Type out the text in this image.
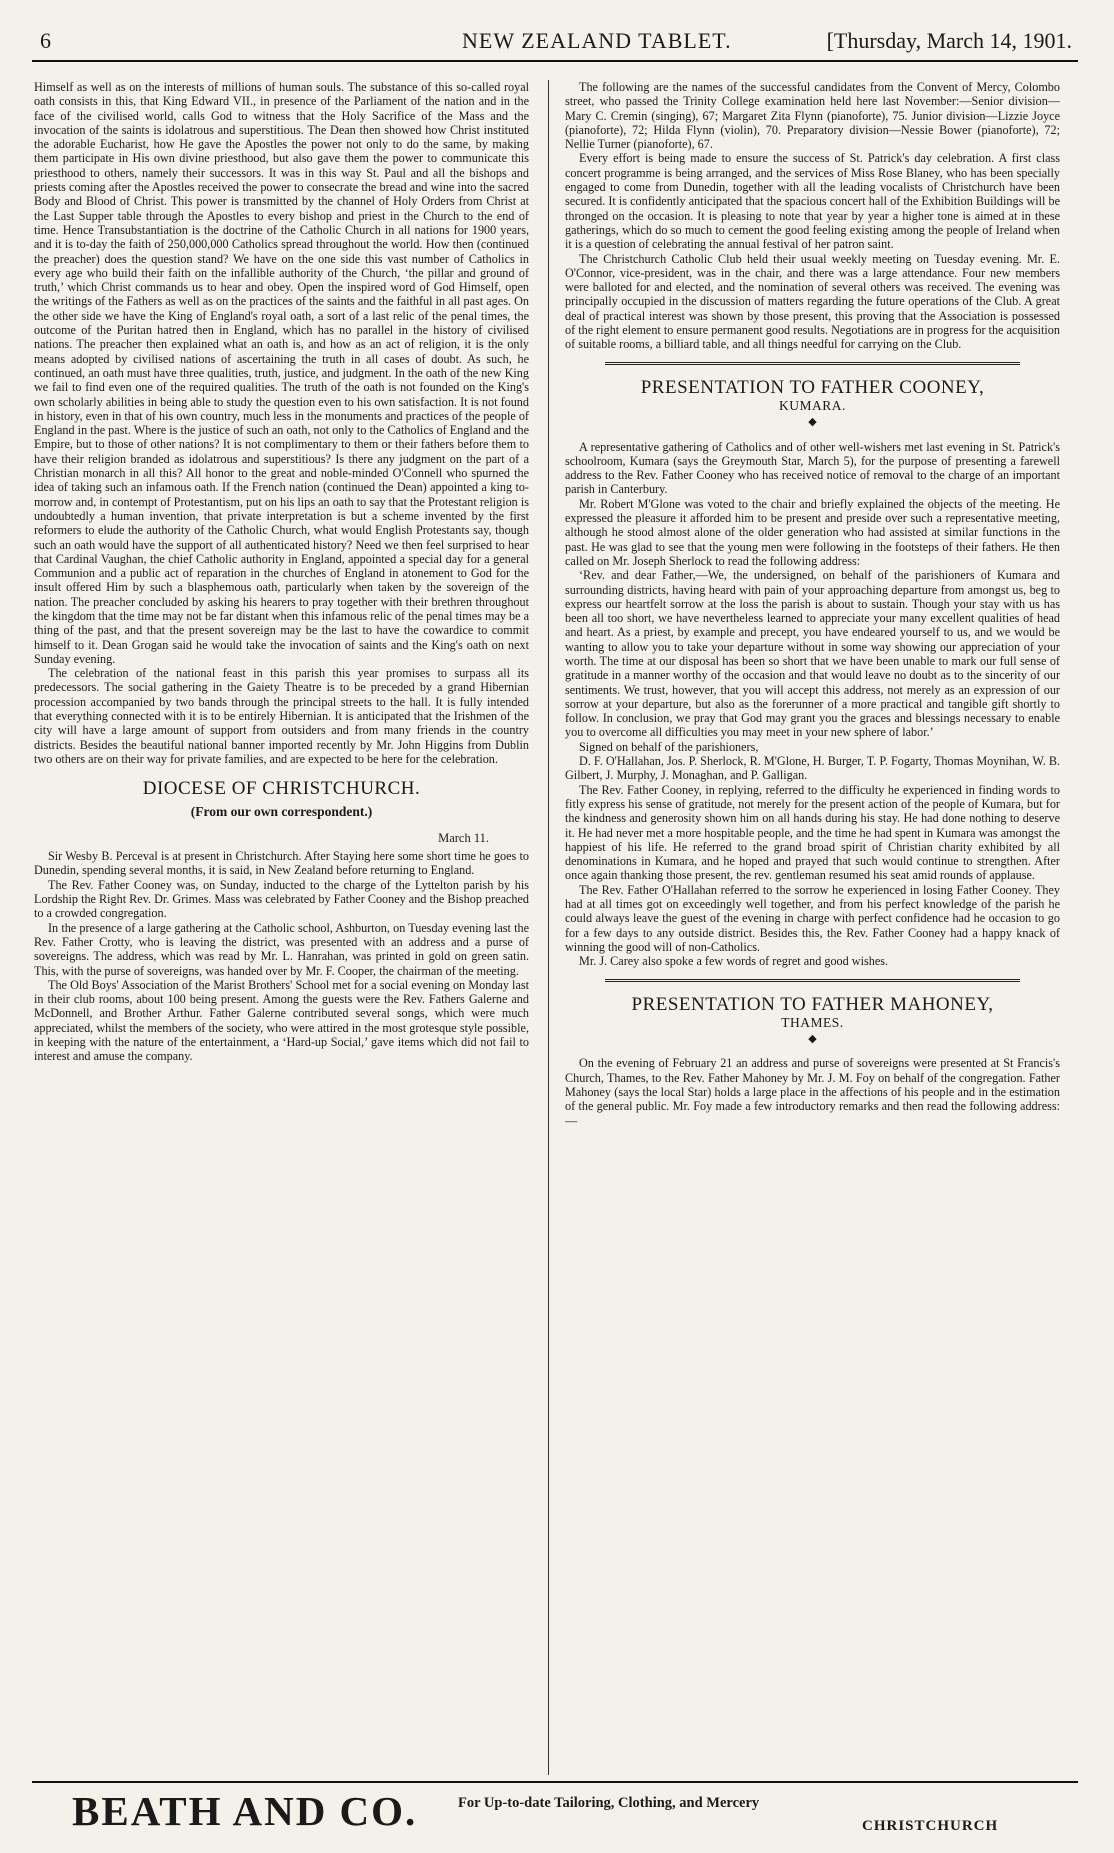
6	NEW ZEALAND TABLET.	[Thursday, March 14, 1901.

Himself as well as on the interests of millions of human souls. The substance of this so-called royal oath consists in this, that King Edward VII., in presence of the Parliament of the nation and in the face of the civilised world, calls God to witness that the Holy Sacrifice of the Mass and the invocation of the saints is idolatrous and superstitious. The Dean then showed how Christ instituted the adorable Eucharist, how He gave the Apostles the power not only to do the same, by making them participate in His own divine priesthood, but also gave them the power to communicate this priesthood to others, namely their successors. It was in this way St. Paul and all the bishops and priests coming after the Apostles received the power to consecrate the bread and wine into the sacred Body and Blood of Christ. This power is transmitted by the channel of Holy Orders from Christ at the Last Supper table through the Apostles to every bishop and priest in the Church to the end of time. Hence Transubstantiation is the doctrine of the Catholic Church in all nations for 1900 years, and it is to-day the faith of 250,000,000 Catholics spread throughout the world. How then (continued the preacher) does the question stand? We have on the one side this vast number of Catholics in every age who build their faith on the infallible authority of the Church, ‘the pillar and ground of truth,’ which Christ commands us to hear and obey. Open the inspired word of God Himself, open the writings of the Fathers as well as on the practices of the saints and the faithful in all past ages. On the other side we have the King of England's royal oath, a sort of a last relic of the penal times, the outcome of the Puritan hatred then in England, which has no parallel in the history of civilised nations. The preacher then explained what an oath is, and how as an act of religion, it is the only means adopted by civilised nations of ascertaining the truth in all cases of doubt. As such, he continued, an oath must have three qualities, truth, justice, and judgment. In the oath of the new King we fail to find even one of the required qualities. The truth of the oath is not founded on the King's own scholarly abilities in being able to study the question even to his own satisfaction. It is not found in history, even in that of his own country, much less in the monuments and practices of the people of England in the past. Where is the justice of such an oath, not only to the Catholics of England and the Empire, but to those of other nations? It is not complimentary to them or their fathers before them to have their religion branded as idolatrous and superstitious? Is there any judgment on the part of a Christian monarch in all this? All honor to the great and noble-minded O'Connell who spurned the idea of taking such an infamous oath. If the French nation (continued the Dean) appointed a king to-morrow and, in contempt of Protestantism, put on his lips an oath to say that the Protestant religion is undoubtedly a human invention, that private interpretation is but a scheme invented by the first reformers to elude the authority of the Catholic Church, what would English Protestants say, though such an oath would have the support of all authenticated history? Need we then feel surprised to hear that Cardinal Vaughan, the chief Catholic authority in England, appointed a special day for a general Communion and a public act of reparation in the churches of England in atonement to God for the insult offered Him by such a blasphemous oath, particularly when taken by the sovereign of the nation. The preacher concluded by asking his hearers to pray together with their brethren throughout the kingdom that the time may not be far distant when this infamous relic of the penal times may be a thing of the past, and that the present sovereign may be the last to have the cowardice to commit himself to it. Dean Grogan said he would take the invocation of saints and the King's oath on next Sunday evening.

The celebration of the national feast in this parish this year promises to surpass all its predecessors. The social gathering in the Gaiety Theatre is to be preceded by a grand Hibernian procession accompanied by two bands through the principal streets to the hall. It is fully intended that everything connected with it is to be entirely Hibernian. It is anticipated that the Irishmen of the city will have a large amount of support from outsiders and from many friends in the country districts. Besides the beautiful national banner imported recently by Mr. John Higgins from Dublin two others are on their way for private families, and are expected to be here for the celebration.

DIOCESE OF CHRISTCHURCH.
(From our own correspondent.)
March 11.

Sir Wesby B. Perceval is at present in Christchurch. After Staying here some short time he goes to Dunedin, spending several months, it is said, in New Zealand before returning to England.

The Rev. Father Cooney was, on Sunday, inducted to the charge of the Lyttelton parish by his Lordship the Right Rev. Dr. Grimes. Mass was celebrated by Father Cooney and the Bishop preached to a crowded congregation.

In the presence of a large gathering at the Catholic school, Ashburton, on Tuesday evening last the Rev. Father Crotty, who is leaving the district, was presented with an address and a purse of sovereigns. The address, which was read by Mr. L. Hanrahan, was printed in gold on green satin. This, with the purse of sovereigns, was handed over by Mr. F. Cooper, the chairman of the meeting.

The Old Boys' Association of the Marist Brothers' School met for a social evening on Monday last in their club rooms, about 100 being present. Among the guests were the Rev. Fathers Galerne and McDonnell, and Brother Arthur. Father Galerne contributed several songs, which were much appreciated, whilst the members of the society, who were attired in the most grotesque style possible, in keeping with the nature of the entertainment, a ‘Hard-up Social,’ gave items which did not fail to interest and amuse the company.

The following are the names of the successful candidates from the Convent of Mercy, Colombo street, who passed the Trinity College examination held here last November:—Senior division—Mary C. Cremin (singing), 67; Margaret Zita Flynn (pianoforte), 75. Junior division—Lizzie Joyce (pianoforte), 72; Hilda Flynn (violin), 70. Preparatory division—Nessie Bower (pianoforte), 72; Nellie Turner (pianoforte), 67.

Every effort is being made to ensure the success of St. Patrick's day celebration. A first class concert programme is being arranged, and the services of Miss Rose Blaney, who has been specially engaged to come from Dunedin, together with all the leading vocalists of Christchurch have been secured. It is confidently anticipated that the spacious concert hall of the Exhibition Buildings will be thronged on the occasion. It is pleasing to note that year by year a higher tone is aimed at in these gatherings, which do so much to cement the good feeling existing among the people of Ireland when it is a question of celebrating the annual festival of her patron saint.

The Christchurch Catholic Club held their usual weekly meeting on Tuesday evening. Mr. E. O'Connor, vice-president, was in the chair, and there was a large attendance. Four new members were balloted for and elected, and the nomination of several others was received. The evening was principally occupied in the discussion of matters regarding the future operations of the Club. A great deal of practical interest was shown by those present, this proving that the Association is possessed of the right element to ensure permanent good results. Negotiations are in progress for the acquisition of suitable rooms, a billiard table, and all things needful for carrying on the Club.

PRESENTATION TO FATHER COONEY,
KUMARA.
◆

A representative gathering of Catholics and of other well-wishers met last evening in St. Patrick's schoolroom, Kumara (says the Greymouth Star, March 5), for the purpose of presenting a farewell address to the Rev. Father Cooney who has received notice of removal to the charge of an important parish in Canterbury.

Mr. Robert M'Glone was voted to the chair and briefly explained the objects of the meeting. He expressed the pleasure it afforded him to be present and preside over such a representative meeting, although he stood almost alone of the older generation who had assisted at similar functions in the past. He was glad to see that the young men were following in the footsteps of their fathers. He then called on Mr. Joseph Sherlock to read the following address:

‘Rev. and dear Father,—We, the undersigned, on behalf of the parishioners of Kumara and surrounding districts, having heard with pain of your approaching departure from amongst us, beg to express our heartfelt sorrow at the loss the parish is about to sustain. Though your stay with us has been all too short, we have nevertheless learned to appreciate your many excellent qualities of head and heart. As a priest, by example and precept, you have endeared yourself to us, and we would be wanting to allow you to take your departure without in some way showing our appreciation of your worth. The time at our disposal has been so short that we have been unable to mark our full sense of gratitude in a manner worthy of the occasion and that would leave no doubt as to the sincerity of our sentiments. We trust, however, that you will accept this address, not merely as an expression of our sorrow at your departure, but also as the forerunner of a more practical and tangible gift shortly to follow. In conclusion, we pray that God may grant you the graces and blessings necessary to enable you to overcome all difficulties you may meet in your new sphere of labor.’

Signed on behalf of the parishioners,

D. F. O'Hallahan, Jos. P. Sherlock, R. M'Glone, H. Burger, T. P. Fogarty, Thomas Moynihan, W. B. Gilbert, J. Murphy, J. Monaghan, and P. Galligan.

The Rev. Father Cooney, in replying, referred to the difficulty he experienced in finding words to fitly express his sense of gratitude, not merely for the present action of the people of Kumara, but for the kindness and generosity shown him on all hands during his stay. He had done nothing to deserve it. He had never met a more hospitable people, and the time he had spent in Kumara was amongst the happiest of his life. He referred to the grand broad spirit of Christian charity exhibited by all denominations in Kumara, and he hoped and prayed that such would continue to strengthen. After once again thanking those present, the rev. gentleman resumed his seat amid rounds of applause.

The Rev. Father O'Hallahan referred to the sorrow he experienced in losing Father Cooney. They had at all times got on exceedingly well together, and from his perfect knowledge of the parish he could always leave the guest of the evening in charge with perfect confidence had he occasion to go for a few days to any outside district. Besides this, the Rev. Father Cooney had a happy knack of winning the good will of non-Catholics.

Mr. J. Carey also spoke a few words of regret and good wishes.

PRESENTATION TO FATHER MAHONEY,
THAMES.
◆

On the evening of February 21 an address and purse of sovereigns were presented at St Francis's Church, Thames, to the Rev. Father Mahoney by Mr. J. M. Foy on behalf of the congregation. Father Mahoney (says the local Star) holds a large place in the affections of his people and in the estimation of the general public. Mr. Foy made a few introductory remarks and then read the following address:—

BEATH AND CO.	For Up-to-date Tailoring, Clothing, and Mercery
CHRISTCHURCH
